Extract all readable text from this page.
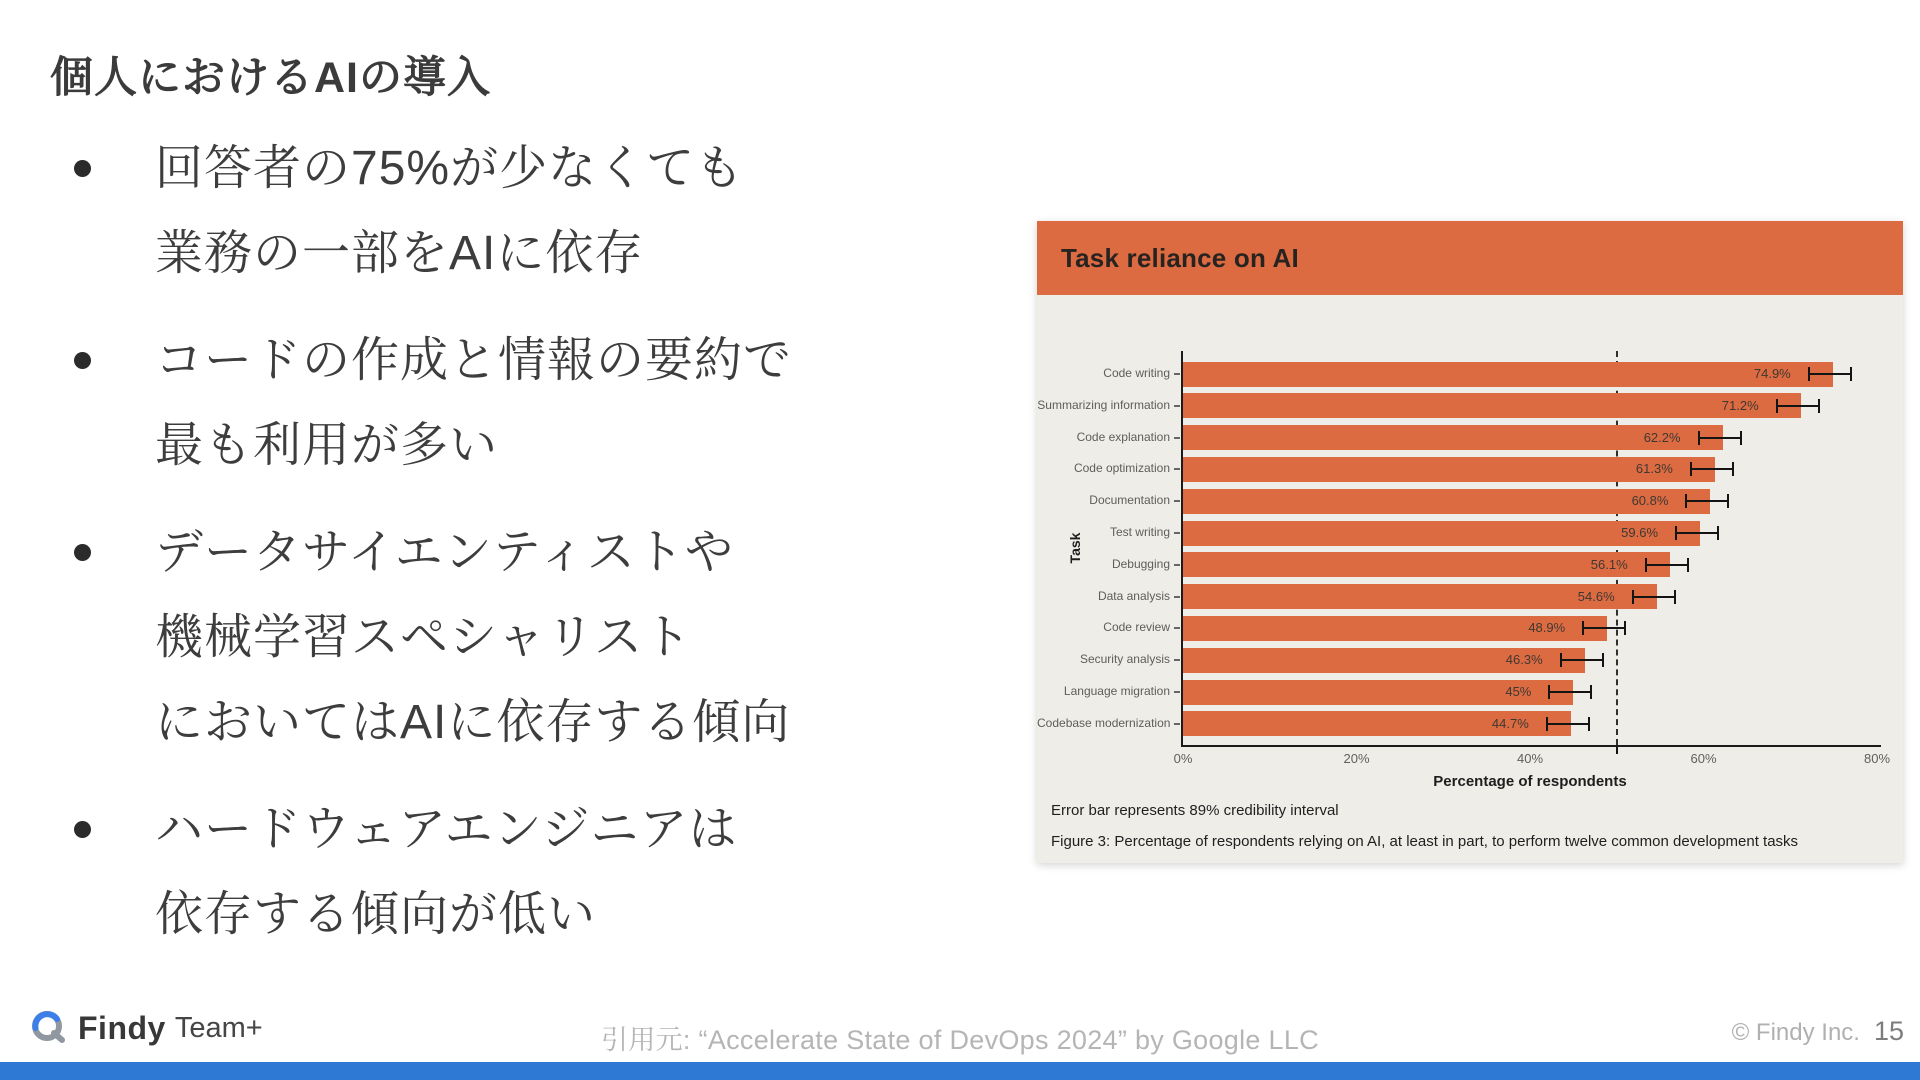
個人におけるAIの導入
回答者の75%が少なくても
業務の一部をAIに依存
コードの作成と情報の要約で
最も利用が多い
データサイエンティストや
機械学習スペシャリスト
においてはAIに依存する傾向
ハードウェアエンジニアは
依存する傾向が低い
Task reliance on AI
Task
Percentage of respondents
Code writing	74.9%
Summarizing information	71.2%
Code explanation	62.2%
Code optimization	61.3%
Documentation	60.8%
Test writing	59.6%
Debugging	56.1%
Data analysis	54.6%
Code review	48.9%
Security analysis	46.3%
Language migration	45%
Codebase modernization	44.7%
0%	20%	40%	60%	80%
Error bar represents 89% credibility interval
Figure 3: Percentage of respondents relying on AI, at least in part, to perform twelve common development tasks
Findy Team+	引用元: “Accelerate State of DevOps 2024” by Google LLC	© Findy Inc. 15
